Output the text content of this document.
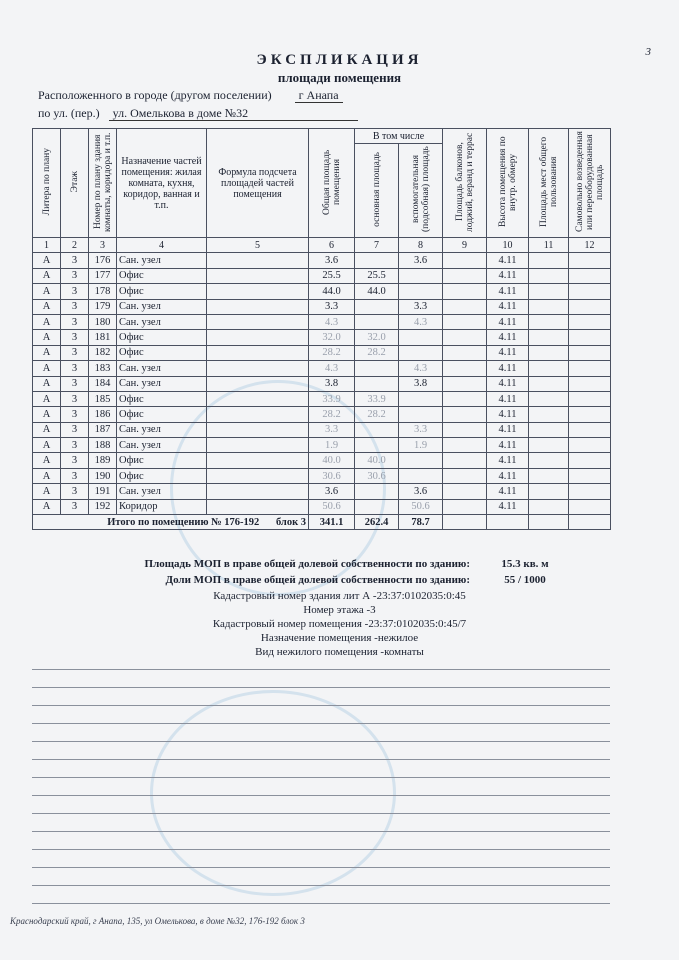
3
ЭКСПЛИКАЦИЯ
площади помещения
Расположенного в городе (другом поселении) г Анапа
по ул. (пер.) ул. Омелькова в доме №32
Литера по плану	Этаж	Номер по плану здания комнаты, коридора и т.п.	Назначение частей помещения: жилая комната, кухня, коридор, ванная и т.п.	Формула подсчета площадей частей помещения	Общая площадь помещения	В том числе		Площадь балконов, лоджий, веранд и террас	Высота помещения по внутр. обмеру	Площадь мест общего пользования	Самовольно возведенная или переоборудованная площадь
						основная площадь	вспомогательная (подсобная) площадь				
1	2	3	4	5	6	7	8	9	10	11	12
А	3	176	Сан. узел		3.6		3.6		4.11		
А	3	177	Офис		25.5	25.5			4.11		
А	3	178	Офис		44.0	44.0			4.11		
А	3	179	Сан. узел		3.3		3.3		4.11		
А	3	180	Сан. узел		4.3		4.3		4.11		
А	3	181	Офис		32.0	32.0			4.11		
А	3	182	Офис		28.2	28.2			4.11		
А	3	183	Сан. узел		4.3		4.3		4.11		
А	3	184	Сан. узел		3.8		3.8		4.11		
А	3	185	Офис		33.9	33.9			4.11		
А	3	186	Офис		28.2	28.2			4.11		
А	3	187	Сан. узел		3.3		3.3		4.11		
А	3	188	Сан. узел		1.9		1.9		4.11		
А	3	189	Офис		40.0	40.0			4.11		
А	3	190	Офис		30.6	30.6			4.11		
А	3	191	Сан. узел		3.6		3.6		4.11		
А	3	192	Коридор		50.6		50.6		4.11		
Итого по помещению № 176-192 блок 3					341.1	262.4	78.7				
Площадь МОП в праве общей долевой собственности по зданию:	15.3 кв. м
Доли МОП в праве общей долевой собственности по зданию:	55 / 1000
Кадастровый номер здания лит А -23:37:0102035:0:45
Номер этажа -3
Кадастровый номер помещения -23:37:0102035:0:45/7
Назначение помещения -нежилое
Вид нежилого помещения -комнаты
Краснодарский край, г Анапа, 135, ул Омелькова, в доме №32, 176-192 блок 3
